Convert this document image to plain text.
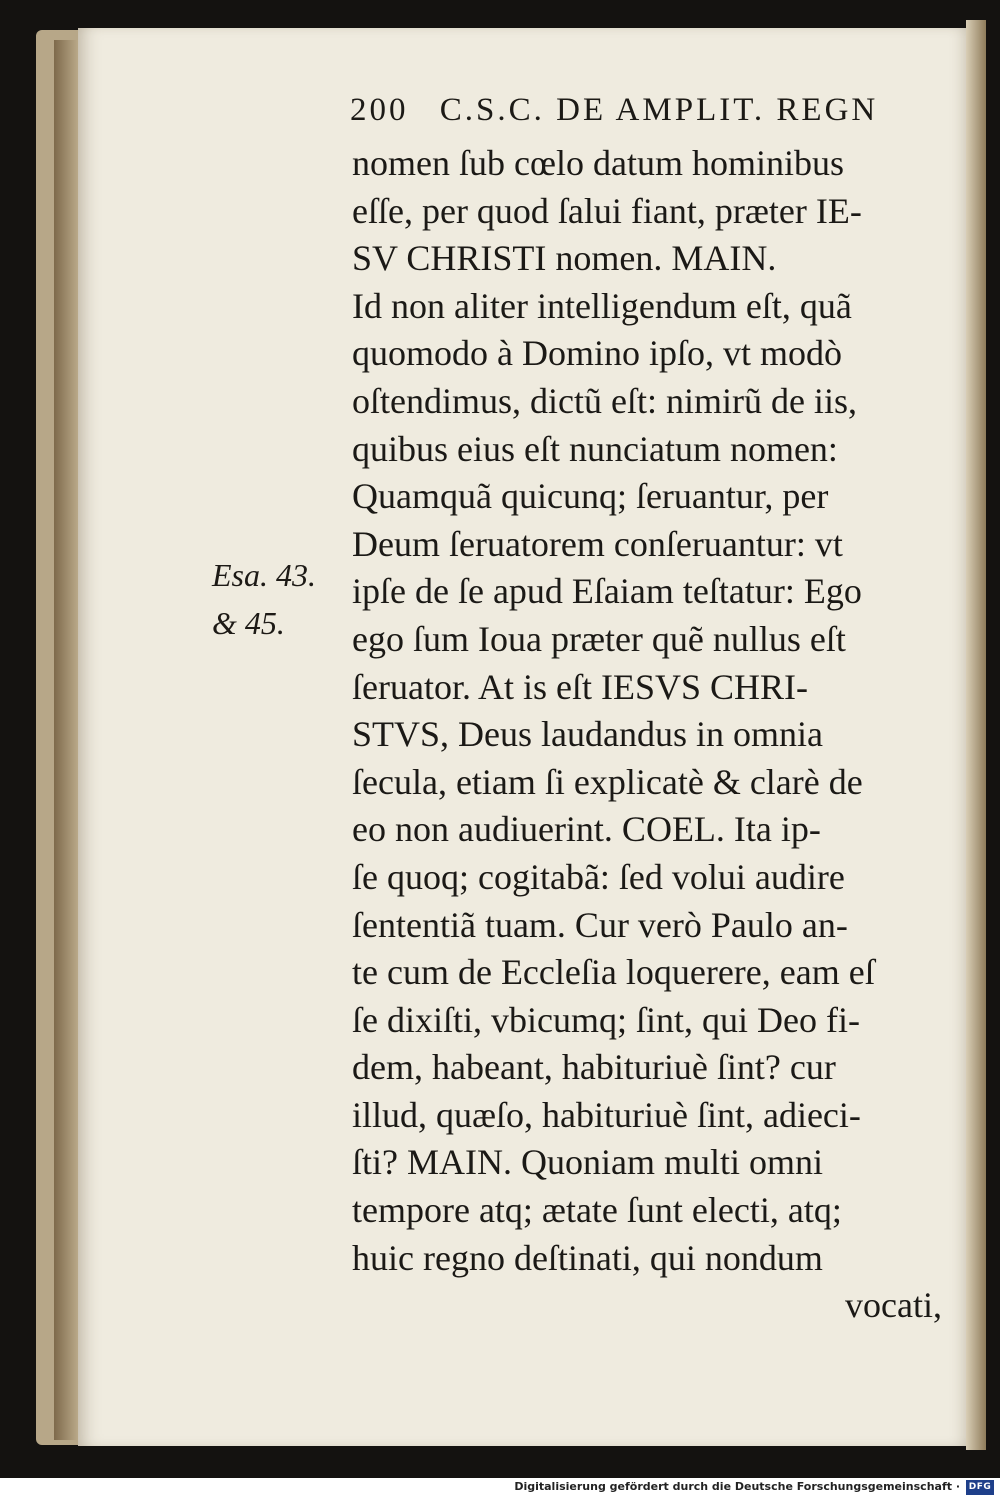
200 C.S.C. DE AMPLIT. REGN
Esa. 43.
& 45.
nomen ſub cœlo datum hominibus
eſſe, per quod ſalui fiant, præter IE-
SV CHRISTI nomen. MAIN.
Id non aliter intelligendum eſt, quã
quomodo à Domino ipſo, vt modò
oſtendimus, dictũ eſt: nimirũ de iis,
quibus eius eſt nunciatum nomen:
Quamquã quicunq; ſeruantur, per
Deum ſeruatorem conſeruantur: vt
ipſe de ſe apud Eſaiam teſtatur: Ego
ego ſum Ioua præter quẽ nullus eſt
ſeruator. At is eſt IESVS CHRI-
STVS, Deus laudandus in omnia
ſecula, etiam ſi explicatè & clarè de
eo non audiuerint. COEL. Ita ip-
ſe quoq; cogitabã: ſed volui audire
ſententiã tuam. Cur verò Paulo an-
te cum de Eccleſia loquerere, eam eſ
ſe dixiſti, vbicumq; ſint, qui Deo fi-
dem, habeant, habituriuè ſint? cur
illud, quæſo, habituriuè ſint, adieci-
ſti? MAIN. Quoniam multi omni
tempore atq; ætate ſunt electi, atq;
huic regno deſtinati, qui nondum
vocati,
Digitalisierung gefördert durch die Deutsche Forschungsgemeinschaft · DFG
